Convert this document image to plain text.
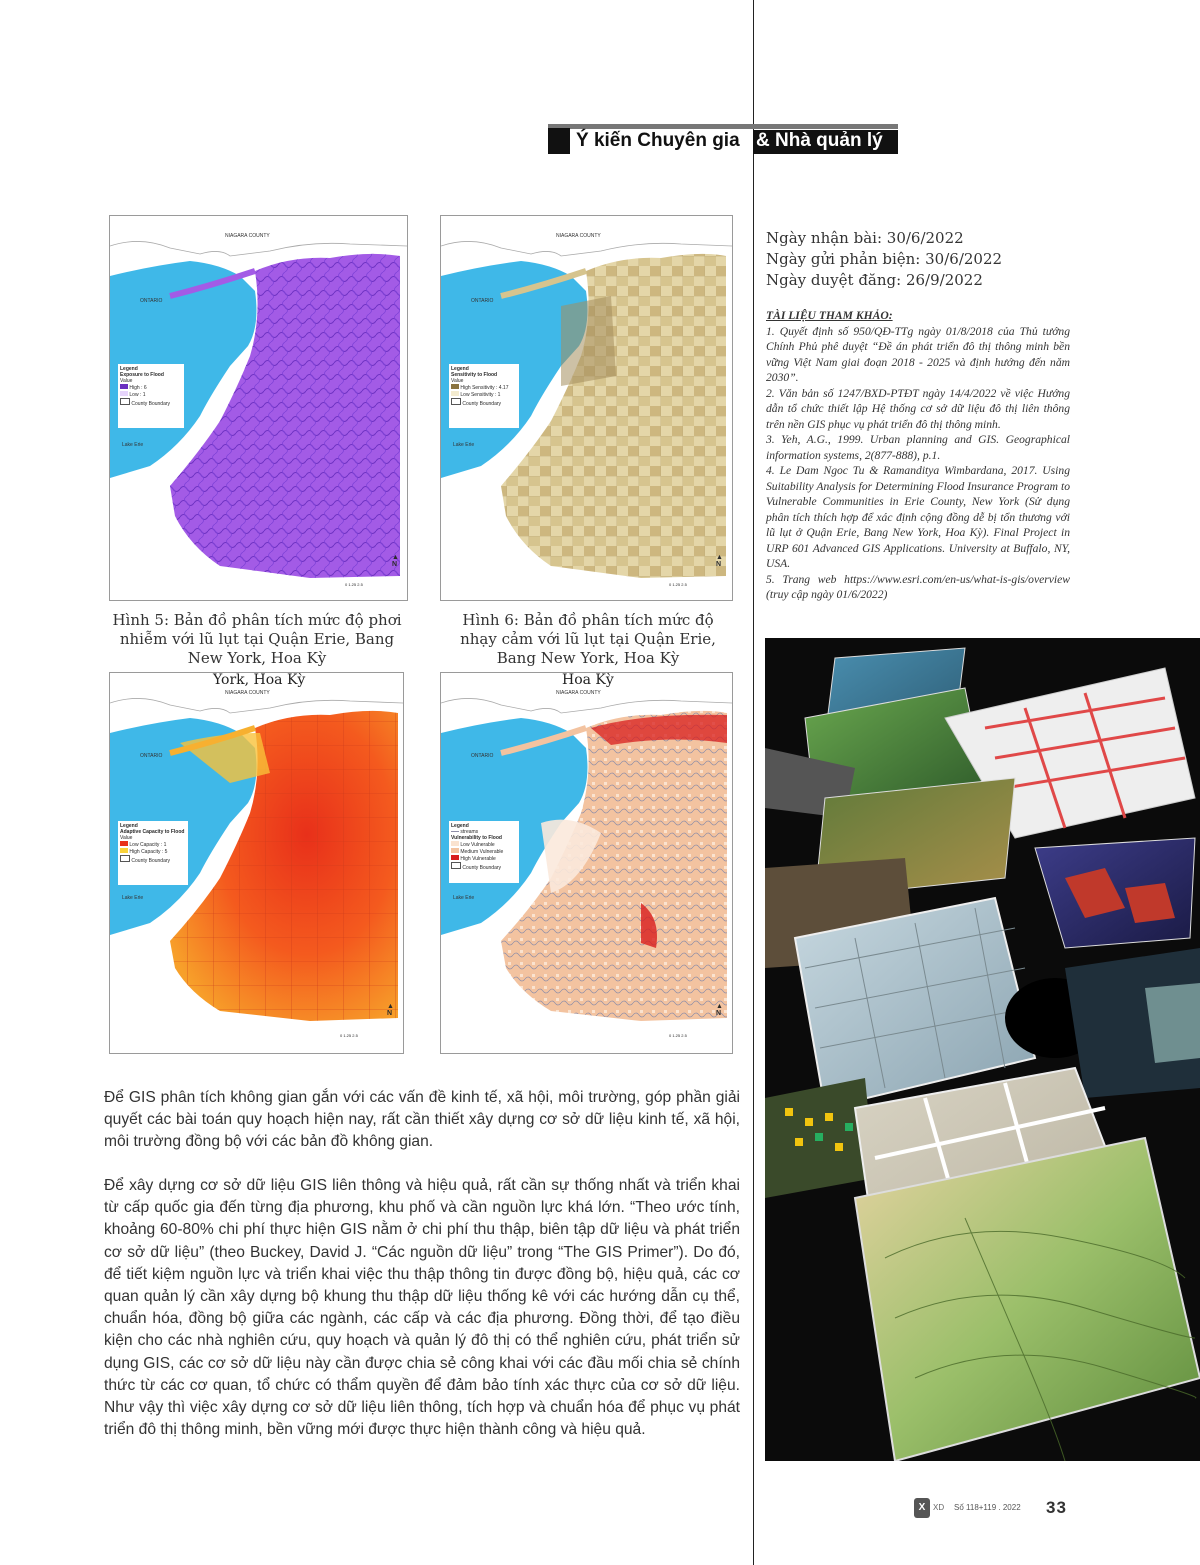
Ý kiến Chuyên gia & Nhà quản lý
NIAGARA COUNTY
ONTARIO
Lake Erie
Legend
Exposure to Flood
Value
High : 6
Low : 1
County Boundary
▲
N
0 1.25 2.5
Hình 5: Bản đồ phân tích mức độ phơi nhiễm với lũ lụt tại Quận Erie, Bang New York, Hoa Kỳ
NIAGARA COUNTY
ONTARIO
Lake Erie
Legend
Sensitivity to Flood
Value
High Sensitivity : 4.17
Low Sensitivity : 1
County Boundary
▲
N
0 1.25 2.5
Hình 6: Bản đồ phân tích mức độ nhạy cảm với lũ lụt tại Quận Erie, Bang New York, Hoa Kỳ
York, Hoa Kỳ
NIAGARA COUNTY
ONTARIO
Lake Erie
Legend
Adaptive Capacity to Flood
Value
Low Capacity : 1
High Capacity : 5
County Boundary
▲
N
0 1.25 2.5
Hoa Kỳ
NIAGARA COUNTY
ONTARIO
Lake Erie
Legend
streams
Vulnerability to Flood
Low Vulnerable
Medium Vulnerable
High Vulnerable
County Boundary
▲
N
0 1.25 2.5
Ngày nhận bài: 30/6/2022
Ngày gửi phản biện: 30/6/2022
Ngày duyệt đăng: 26/9/2022

TÀI LIỆU THAM KHẢO:

1. Quyết định số 950/QĐ-TTg ngày 01/8/2018 của Thủ tướng Chính Phủ phê duyệt “Đề án phát triển đô thị thông minh bền vững Việt Nam giai đoạn 2018 - 2025 và định hướng đến năm 2030”.

2. Văn bản số 1247/BXD-PTĐT ngày 14/4/2022 về việc Hướng dẫn tổ chức thiết lập Hệ thống cơ sở dữ liệu đô thị liên thông trên nền GIS phục vụ phát triển đô thị thông minh.

3. Yeh, A.G., 1999. Urban planning and GIS. Geographical information systems, 2(877-888), p.1.

4. Le Dam Ngoc Tu & Ramanditya Wimbardana, 2017. Using Suitability Analysis for Determining Flood Insurance Program to Vulnerable Communities in Erie County, New York (Sử dụng phân tích thích hợp để xác định cộng đồng dễ bị tổn thương với lũ lụt ở Quận Erie, Bang New York, Hoa Kỳ). Final Project in URP 601 Advanced GIS Applications. University at Buffalo, NY, USA.

5. Trang web https://www.esri.com/en-us/what-is-gis/overview (truy cập ngày 01/6/2022)

Để GIS phân tích không gian gắn với các vấn đề kinh tế, xã hội, môi trường, góp phần giải quyết các bài toán quy hoạch hiện nay, rất cần thiết xây dựng cơ sở dữ liệu kinh tế, xã hội, môi trường đồng bộ với các bản đồ không gian.

Để xây dựng cơ sở dữ liệu GIS liên thông và hiệu quả, rất cần sự thống nhất và triển khai từ cấp quốc gia đến từng địa phương, khu phố và cần nguồn lực khá lớn. “Theo ước tính, khoảng 60-80% chi phí thực hiện GIS nằm ở chi phí thu thập, biên tập dữ liệu và phát triển cơ sở dữ liệu” (theo Buckey, David J. “Các nguồn dữ liệu” trong “The GIS Primer”). Do đó, để tiết kiệm nguồn lực và triển khai việc thu thập thông tin được đồng bộ, hiệu quả, các cơ quan quản lý cần xây dựng bộ khung thu thập dữ liệu thống kê với các hướng dẫn cụ thể, chuẩn hóa, đồng bộ giữa các ngành, các cấp và các địa phương. Đồng thời, để tạo điều kiện cho các nhà nghiên cứu, quy hoạch và quản lý đô thị có thể nghiên cứu, phát triển sử dụng GIS, các cơ sở dữ liệu này cần được chia sẻ công khai với các đầu mối chia sẻ chính thức từ các cơ quan, tổ chức có thẩm quyền để đảm bảo tính xác thực của cơ sở dữ liệu. Như vậy thì việc xây dựng cơ sở dữ liệu liên thông, tích hợp và chuẩn hóa để phục vụ phát triển đô thị thông minh, bền vững mới được thực hiện thành công và hiệu quả.

X XD Số 118+119 . 2022 33
